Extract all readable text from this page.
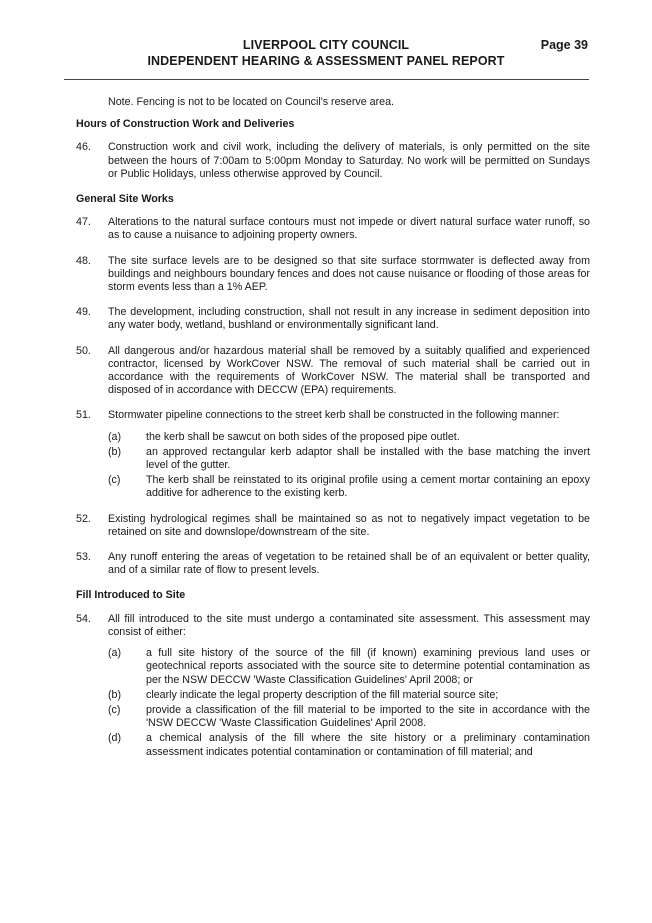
LIVERPOOL CITY COUNCIL
INDEPENDENT HEARING & ASSESSMENT PANEL REPORT
Page 39

Note. Fencing is not to be located on Council's reserve area.

Hours of Construction Work and Deliveries

46. Construction work and civil work, including the delivery of materials, is only permitted on the site between the hours of 7:00am to 5:00pm Monday to Saturday. No work will be permitted on Sundays or Public Holidays, unless otherwise approved by Council.

General Site Works

47. Alterations to the natural surface contours must not impede or divert natural surface water runoff, so as to cause a nuisance to adjoining property owners.
48. The site surface levels are to be designed so that site surface stormwater is deflected away from buildings and neighbours boundary fences and does not cause nuisance or flooding of those areas for storm events less than a 1% AEP.
49. The development, including construction, shall not result in any increase in sediment deposition into any water body, wetland, bushland or environmentally significant land.
50. All dangerous and/or hazardous material shall be removed by a suitably qualified and experienced contractor, licensed by WorkCover NSW. The removal of such material shall be carried out in accordance with the requirements of WorkCover NSW. The material shall be transported and disposed of in accordance with DECCW (EPA) requirements.
51. Stormwater pipeline connections to the street kerb shall be constructed in the following manner:
(a) the kerb shall be sawcut on both sides of the proposed pipe outlet.
(b) an approved rectangular kerb adaptor shall be installed with the base matching the invert level of the gutter.
(c) The kerb shall be reinstated to its original profile using a cement mortar containing an epoxy additive for adherence to the existing kerb.
52. Existing hydrological regimes shall be maintained so as not to negatively impact vegetation to be retained on site and downslope/downstream of the site.
53. Any runoff entering the areas of vegetation to be retained shall be of an equivalent or better quality, and of a similar rate of flow to present levels.

Fill Introduced to Site

54. All fill introduced to the site must undergo a contaminated site assessment. This assessment may consist of either:
(a) a full site history of the source of the fill (if known) examining previous land uses or geotechnical reports associated with the source site to determine potential contamination as per the NSW DECCW 'Waste Classification Guidelines' April 2008; or
(b) clearly indicate the legal property description of the fill material source site;
(c) provide a classification of the fill material to be imported to the site in accordance with the 'NSW DECCW 'Waste Classification Guidelines' April 2008.
(d) a chemical analysis of the fill where the site history or a preliminary contamination assessment indicates potential contamination or contamination of fill material; and
